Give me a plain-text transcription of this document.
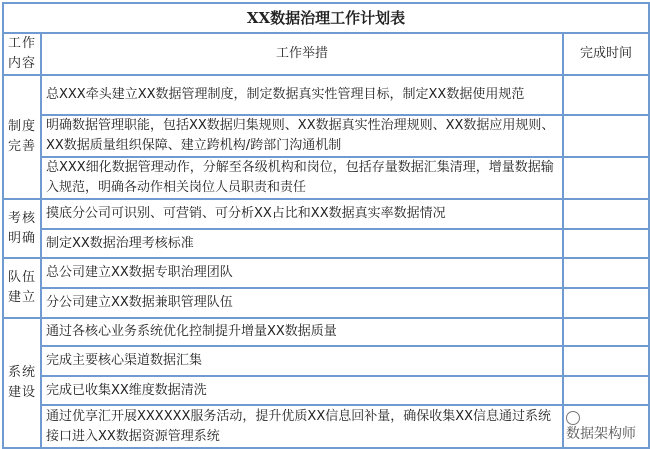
XX数据治理工作计划表		
工作内容	工作举措	完成时间
制度完善	总XXX牵头建立XX数据管理制度，制定数据真实性管理目标，制定XX数据使用规范	
	明确数据管理职能，包括XX数据归集规则、XX数据真实性治理规则、XX数据应用规则、XX数据质量组织保障、建立跨机构/跨部门沟通机制	
	总XXX细化数据管理动作，分解至各级机构和岗位，包括存量数据汇集清理，增量数据输入规范，明确各动作相关岗位人员职责和责任	
考核明确	摸底分公司可识别、可营销、可分析XX占比和XX数据真实率数据情况	
	制定XX数据治理考核标准	
队伍建立	总公司建立XX数据专职治理团队	
	分公司建立XX数据兼职管理队伍	
系统建设	通过各核心业务系统优化控制提升增量XX数据质量	
	完成主要核心渠道数据汇集	
	完成已收集XX维度数据清洗	
	通过优享汇开展XXXXXX服务活动，提升优质XX信息回补量，确保收集XX信息通过系统接口进入XX数据资源管理系统	数据架构师
